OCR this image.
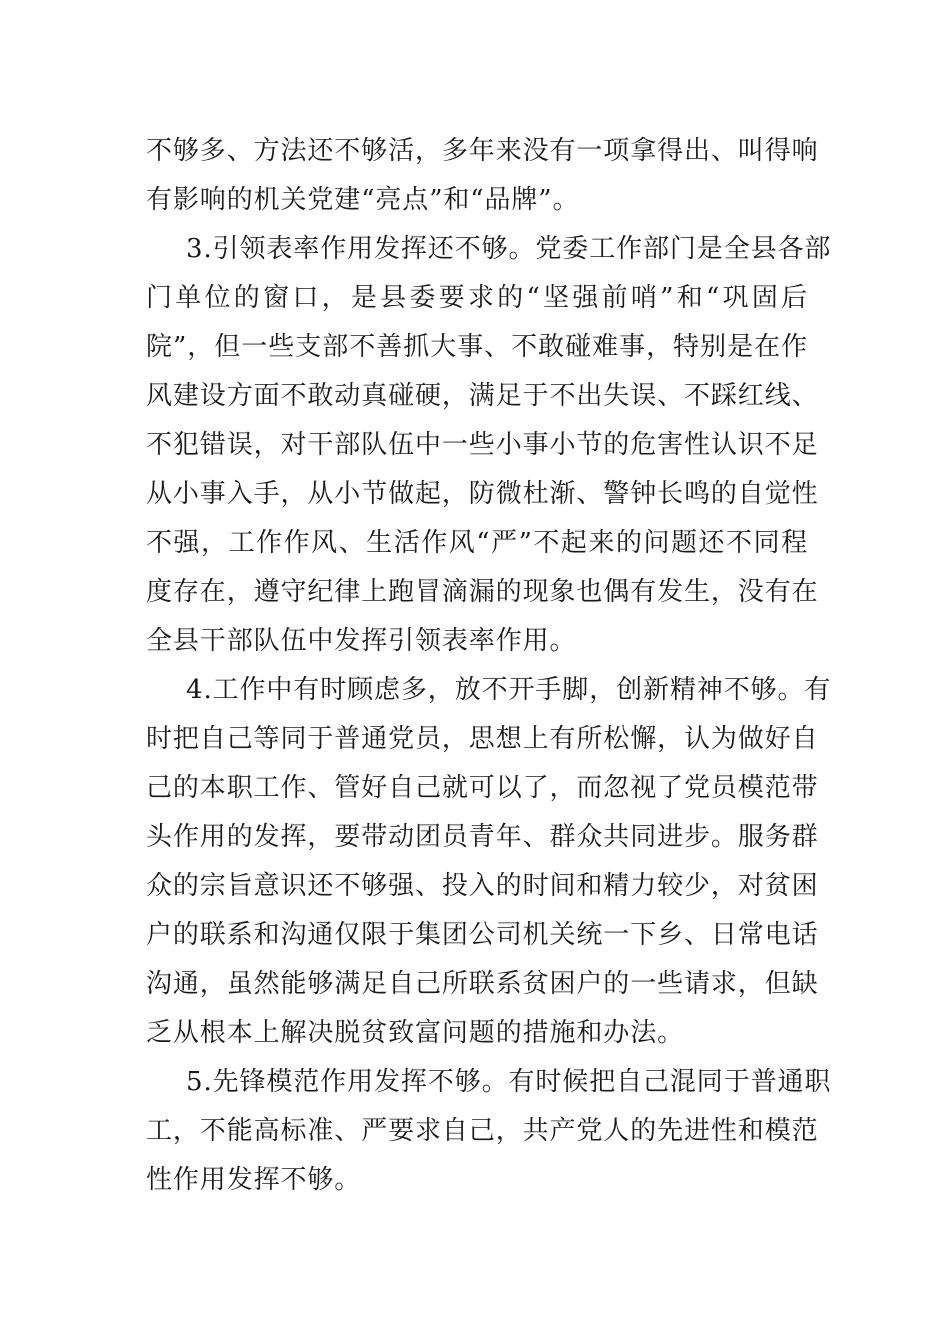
不够多、方法还不够活，多年来没有一项拿得出、叫得响
有影响的机关党建“亮点”和“品牌”。
3.引领表率作用发挥还不够。党委工作部门是全县各部
门单位的窗口，是县委要求的“坚强前哨”和“巩固后
院”，但一些支部不善抓大事、不敢碰难事，特别是在作
风建设方面不敢动真碰硬，满足于不出失误、不踩红线、
不犯错误，对干部队伍中一些小事小节的危害性认识不足
从小事入手，从小节做起，防微杜渐、警钟长鸣的自觉性
不强，工作作风、生活作风“严”不起来的问题还不同程
度存在，遵守纪律上跑冒滴漏的现象也偶有发生，没有在
全县干部队伍中发挥引领表率作用。
4.工作中有时顾虑多，放不开手脚，创新精神不够。有
时把自己等同于普通党员，思想上有所松懈，认为做好自
己的本职工作、管好自己就可以了，而忽视了党员模范带
头作用的发挥，要带动团员青年、群众共同进步。服务群
众的宗旨意识还不够强、投入的时间和精力较少，对贫困
户的联系和沟通仅限于集团公司机关统一下乡、日常电话
沟通，虽然能够满足自己所联系贫困户的一些请求，但缺
乏从根本上解决脱贫致富问题的措施和办法。
5.先锋模范作用发挥不够。有时候把自己混同于普通职
工，不能高标准、严要求自己，共产党人的先进性和模范
性作用发挥不够。
